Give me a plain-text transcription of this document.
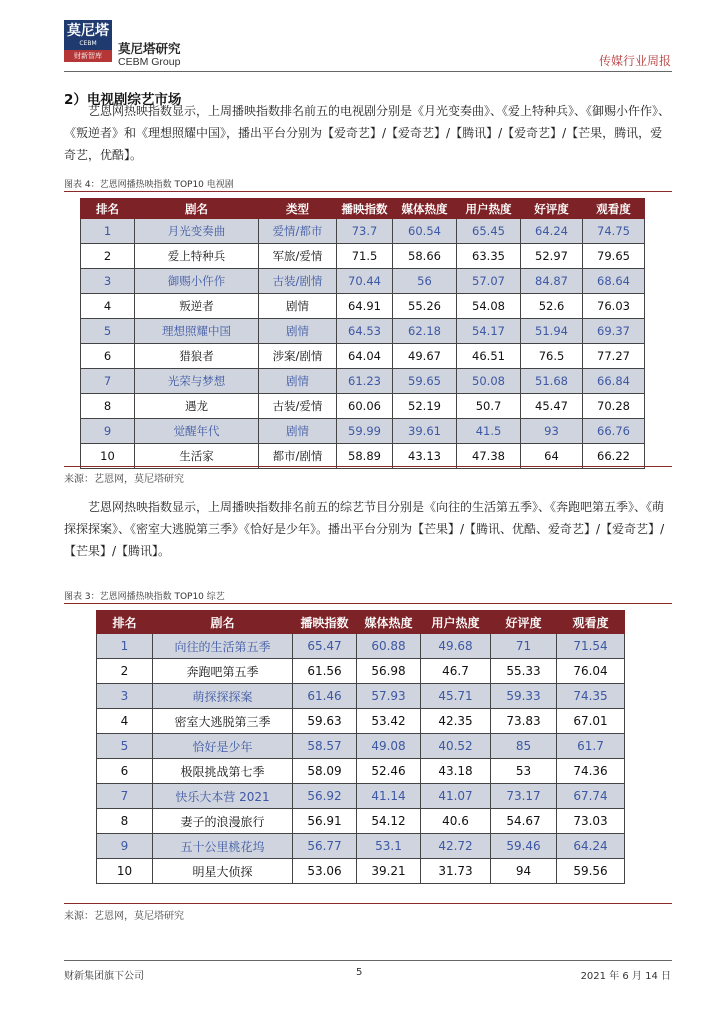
莫尼塔
CEBM
财新智库	莫尼塔研究
CEBM Group	传媒行业周报
2）电视剧综艺市场

艺恩网热映指数显示，上周播映指数排名前五的电视剧分别是《月光变奏曲》、《爱上特种兵》、《御赐小仵作》、《叛逆者》和《理想照耀中国》，播出平台分别为【爱奇艺】/【爱奇艺】/【腾讯】/【爱奇艺】/【芒果，腾讯，爱奇艺，优酷】。

图表 4：艺恩网播热映指数 TOP10 电视剧
排名	剧名	类型	播映指数	媒体热度	用户热度	好评度	观看度
1	月光变奏曲	爱情/都市	73.7	60.54	65.45	64.24	74.75
2	爱上特种兵	军旅/爱情	71.5	58.66	63.35	52.97	79.65
3	御赐小仵作	古装/剧情	70.44	56	57.07	84.87	68.64
4	叛逆者	剧情	64.91	55.26	54.08	52.6	76.03
5	理想照耀中国	剧情	64.53	62.18	54.17	51.94	69.37
6	猎狼者	涉案/剧情	64.04	49.67	46.51	76.5	77.27
7	光荣与梦想	剧情	61.23	59.65	50.08	51.68	66.84
8	遇龙	古装/爱情	60.06	52.19	50.7	45.47	70.28
9	觉醒年代	剧情	59.99	39.61	41.5	93	66.76
10	生活家	都市/剧情	58.89	43.13	47.38	64	66.22
来源：艺恩网，莫尼塔研究

艺恩网热映指数显示，上周播映指数排名前五的综艺节目分别是《向往的生活第五季》、《奔跑吧第五季》、《萌探探探案》、《密室大逃脱第三季》《恰好是少年》。播出平台分别为【芒果】/【腾讯、优酷、爱奇艺】/【爱奇艺】/【芒果】/【腾讯】。

图表 3：艺恩网播热映指数 TOP10 综艺
排名	剧名	播映指数	媒体热度	用户热度	好评度	观看度
1	向往的生活第五季	65.47	60.88	49.68	71	71.54
2	奔跑吧第五季	61.56	56.98	46.7	55.33	76.04
3	萌探探探案	61.46	57.93	45.71	59.33	74.35
4	密室大逃脱第三季	59.63	53.42	42.35	73.83	67.01
5	恰好是少年	58.57	49.08	40.52	85	61.7
6	极限挑战第七季	58.09	52.46	43.18	53	74.36
7	快乐大本营 2021	56.92	41.14	41.07	73.17	67.74
8	妻子的浪漫旅行	56.91	54.12	40.6	54.67	73.03
9	五十公里桃花坞	56.77	53.1	42.72	59.46	64.24
10	明星大侦探	53.06	39.21	31.73	94	59.56
来源：艺恩网，莫尼塔研究
财新集团旗下公司	5	2021 年 6 月 14 日
